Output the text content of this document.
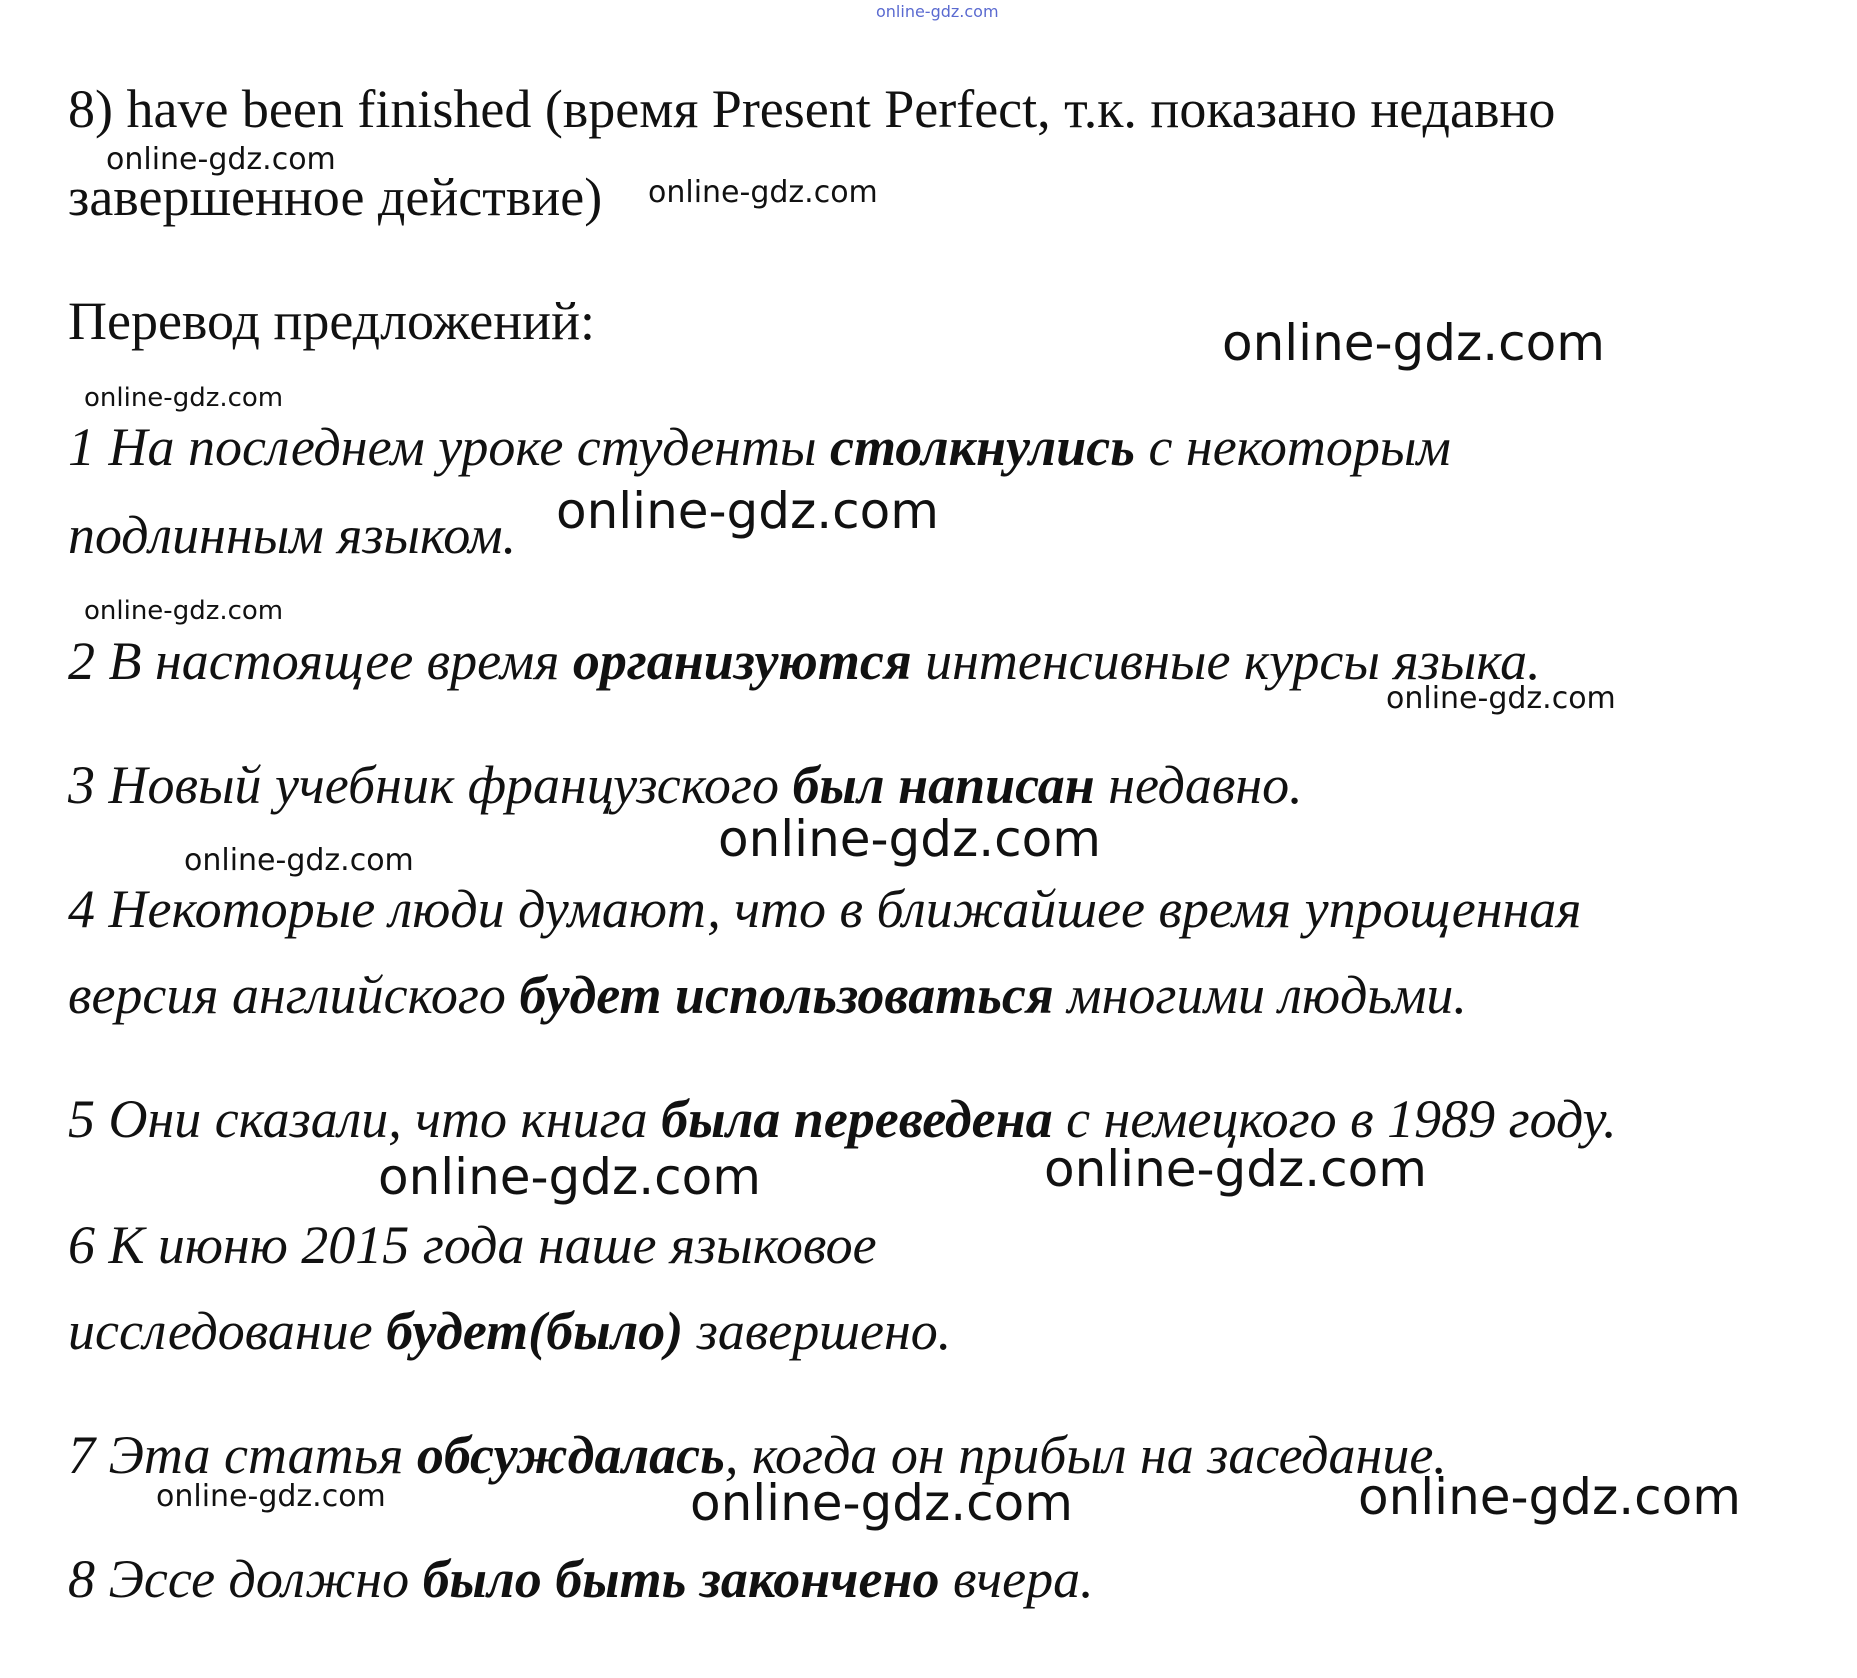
online-gdz.com
8) have been finished (время Present Perfect, т.к. показано недавно
завершенное действие)
Перевод предложений:
1 На последнем уроке студенты столкнулись с некоторым
подлинным языком.
2 В настоящее время организуются интенсивные курсы языка.
3 Новый учебник французского был написан недавно.
4 Некоторые люди думают, что в ближайшее время упрощенная
версия английского будет использоваться многими людьми.
5 Они сказали, что книга была переведена с немецкого в 1989 году.
6 К июню 2015 года наше языковое
исследование будет(было) завершено.
7 Эта статья обсуждалась, когда он прибыл на заседание.
8 Эссе должно было быть закончено вчера.
online-gdz.com
online-gdz.com
online-gdz.com
online-gdz.com
online-gdz.com
online-gdz.com
online-gdz.com
online-gdz.com
online-gdz.com
online-gdz.com	online-gdz.com
online-gdz.com	online-gdz.com	online-gdz.com
